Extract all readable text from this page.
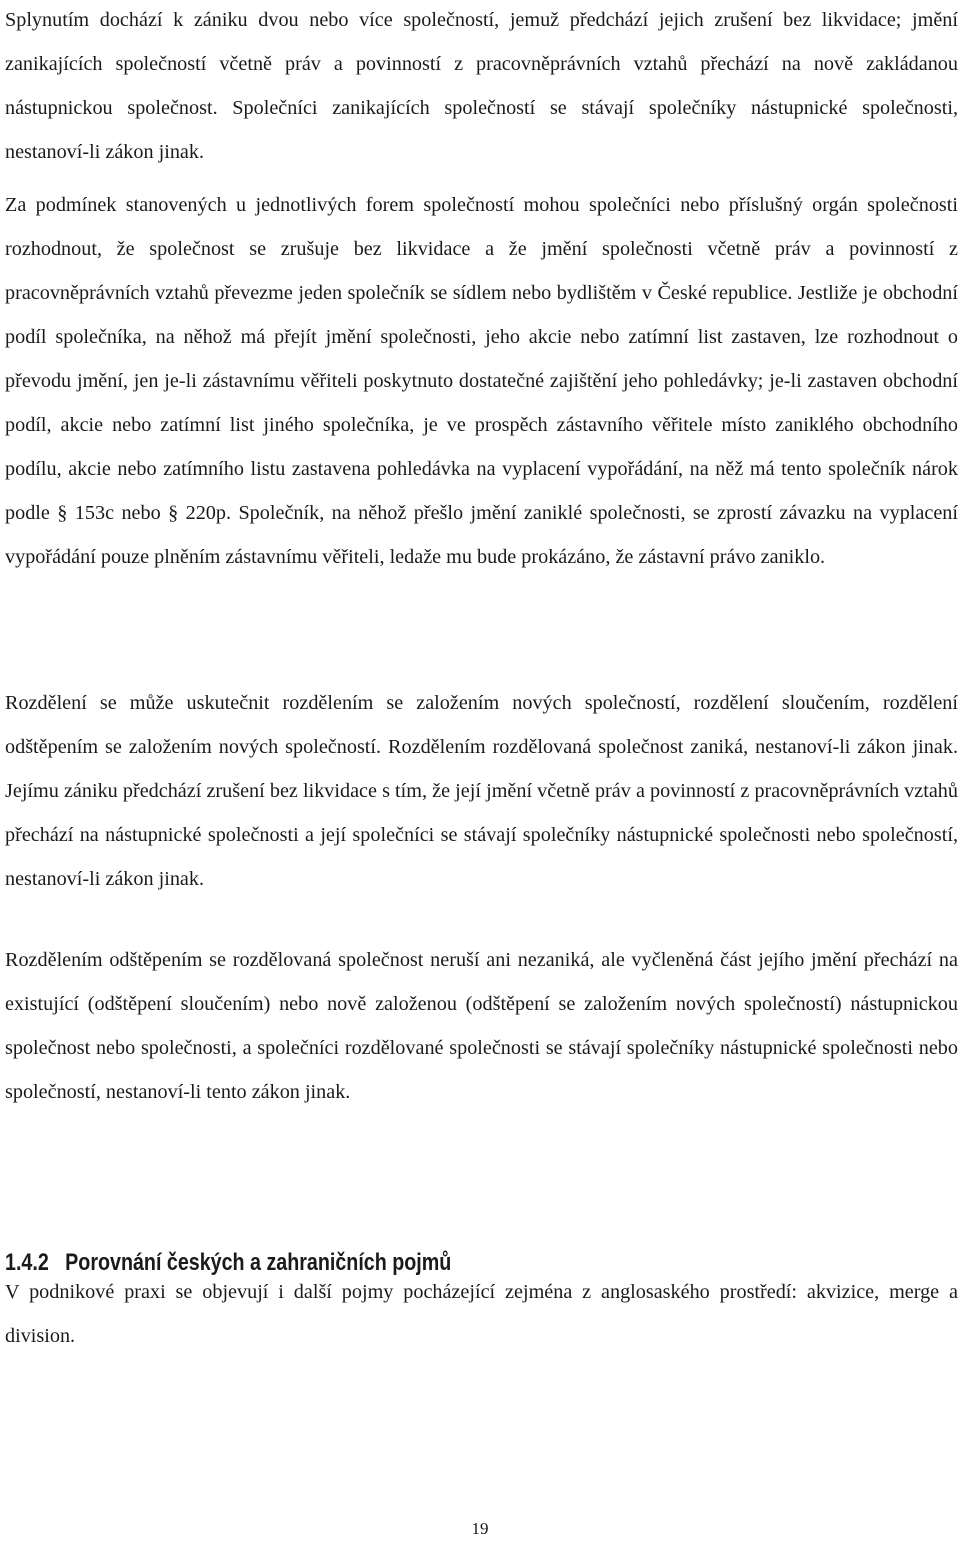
Splynutím dochází k zániku dvou nebo více společností, jemuž předchází jejich zrušení bez likvidace; jmění zanikajících společností včetně práv a povinností z pracovněprávních vztahů přechází na nově zakládanou nástupnickou společnost. Společníci zanikajících společností se stávají společníky nástupnické společnosti, nestanoví-li zákon jinak.

Za podmínek stanovených u jednotlivých forem společností mohou společníci nebo příslušný orgán společnosti rozhodnout, že společnost se zrušuje bez likvidace a že jmění společnosti včetně práv a povinností z pracovněprávních vztahů převezme jeden společník se sídlem nebo bydlištěm v České republice. Jestliže je obchodní podíl společníka, na něhož má přejít jmění společnosti, jeho akcie nebo zatímní list zastaven, lze rozhodnout o převodu jmění, jen je-li zástavnímu věřiteli poskytnuto dostatečné zajištění jeho pohledávky; je-li zastaven obchodní podíl, akcie nebo zatímní list jiného společníka, je ve prospěch zástavního věřitele místo zaniklého obchodního podílu, akcie nebo zatímního listu zastavena pohledávka na vyplacení vypořádání, na něž má tento společník nárok podle § 153c nebo § 220p. Společník, na něhož přešlo jmění zaniklé společnosti, se zprostí závazku na vyplacení vypořádání pouze plněním zástavnímu věřiteli, ledaže mu bude prokázáno, že zástavní právo zaniklo.

Rozdělení se může uskutečnit rozdělením se založením nových společností, rozdělení sloučením, rozdělení odštěpením se založením nových společností. Rozdělením rozdělovaná společnost zaniká, nestanoví-li zákon jinak. Jejímu zániku předchází zrušení bez likvidace s tím, že její jmění včetně práv a povinností z pracovněprávních vztahů přechází na nástupnické společnosti a její společníci se stávají společníky nástupnické společnosti nebo společností, nestanoví-li zákon jinak.

Rozdělením odštěpením se rozdělovaná společnost neruší ani nezaniká, ale vyčleněná část jejího jmění přechází na existující (odštěpení sloučením) nebo nově založenou (odštěpení se založením nových společností) nástupnickou společnost nebo společnosti, a společníci rozdělované společnosti se stávají společníky nástupnické společnosti nebo společností, nestanoví-li tento zákon jinak.

1.4.2 Porovnání českých a zahraničních pojmů

V podnikové praxi se objevují i další pojmy pocházející zejména z anglosaského prostředí: akvizice, merge a division.

19
